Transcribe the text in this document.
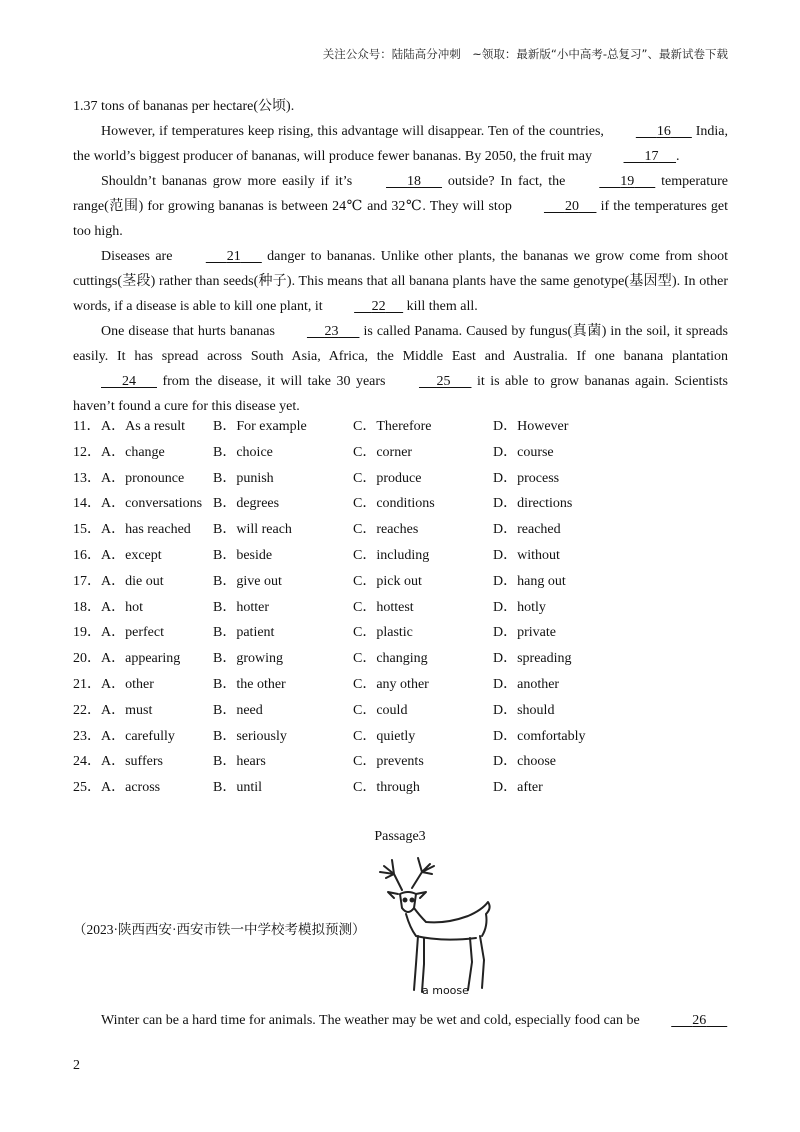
关注公众号：陆陆高分冲刺　~领取：最新版“小中高考-总复习”、最新试卷下载

1.37 tons of bananas per hectare(公顷).

However, if temperatures keep rising, this advantage will disappear. Ten of the countries,	16       India, the world’s biggest producer of bananas, will produce fewer bananas. By 2050, the fruit may	17 .

Shouldn’t bananas grow more easily if it’s	18       outside? In fact, the	19       temperature range(范围) for growing bananas is between 24℃ and 32℃. They will stop	20      if the temperatures get too high.

Diseases are	21       danger to bananas. Unlike other plants, the bananas we grow come from shoot cuttings(茎段) rather than seeds(种子). This means that all banana plants have the same genotype(基因型). In other words, if a disease is able to kill one plant, it	22      kill them all.

One disease that hurts bananas	23       is called Panama. Caused by fungus(真菌) in the soil, it spreads easily. It has spread across South Asia, Africa, the Middle East and Australia. If one banana plantation       24       from the disease, it will take 30 years	25       it is able to grow bananas again. Scientists haven’t found a cure for this disease yet.

11． A．As a result	B．For example	C．Therefore	D．However
12． A．change	B．choice	C．corner	D．course
13． A．pronounce	B．punish	C．produce	D．process
14． A．conversations B．degrees	C．conditions	D．directions
15． A．has reached	B．will reach	C．reaches	D．reached
16． A．except	B．beside	C．including	D．without
17． A．die out	B．give out	C．pick out	D．hang out
18． A．hot	B．hotter	C．hottest	D．hotly
19． A．perfect	B．patient	C．plastic	D．private
20． A．appearing	B．growing	C．changing	D．spreading
21． A．other	B．the other	C．any other	D．another
22． A．must	B．need	C．could	D．should
23． A．carefully	B．seriously	C．quietly	D．comfortably
24． A．suffers	B．hears	C．prevents	D．choose
25． A．across	B．until	C．through	D．after
Passage3
（2023·陕西西安·西安市铁一中学校考模拟预测）
a moose
Winter can be a hard time for animals. The weather may be wet and cold, especially food can be	26
2
